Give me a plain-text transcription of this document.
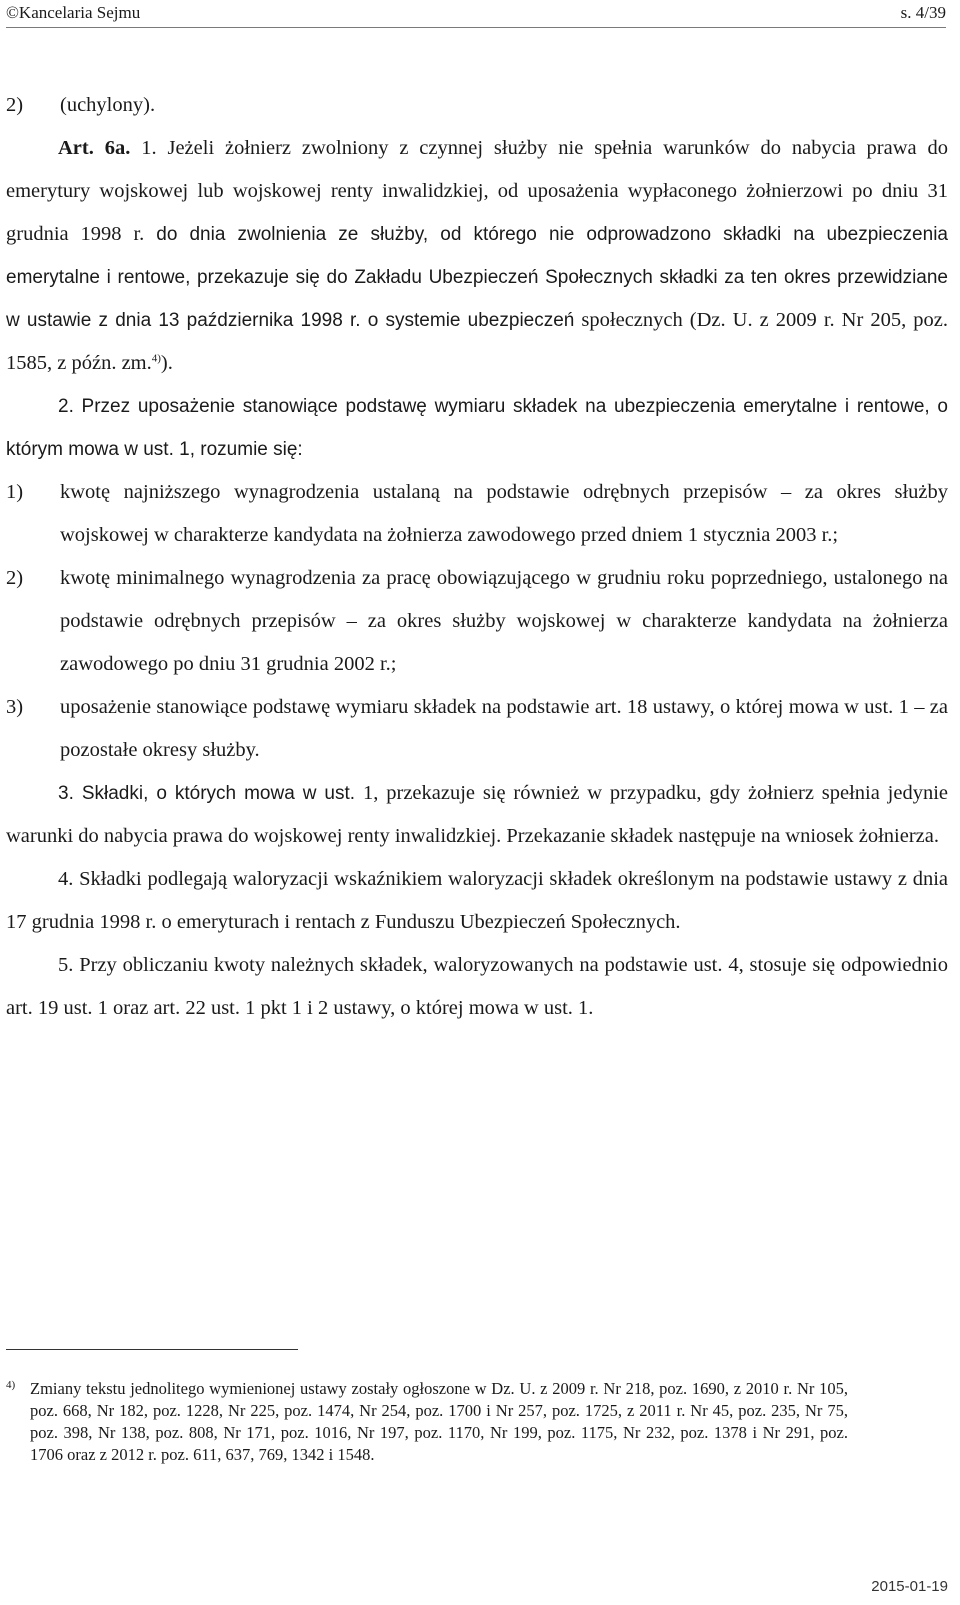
©Kancelaria Sejmu	s. 4/39

2) (uchylony).

Art. 6a. 1. Jeżeli żołnierz zwolniony z czynnej służby nie spełnia warunków do nabycia prawa do emerytury wojskowej lub wojskowej renty inwalidzkiej, od uposażenia wypłaconego żołnierzowi po dniu 31 grudnia 1998 r. do dnia zwolnienia ze służby, od którego nie odprowadzono składki na ubezpieczenia emerytalne i rentowe, przekazuje się do Zakładu Ubezpieczeń Społecznych składki za ten okres przewidziane w ustawie z dnia 13 października 1998 r. o systemie ubezpieczeń społecznych (Dz. U. z 2009 r. Nr 205, poz. 1585, z późn. zm.$^{4)}$).

2. Przez uposażenie stanowiące podstawę wymiaru składek na ubezpieczenia emerytalne i rentowe, o którym mowa w ust. 1, rozumie się:

1) kwotę najniższego wynagrodzenia ustalaną na podstawie odrębnych przepisów – za okres służby wojskowej w charakterze kandydata na żołnierza zawodowego przed dniem 1 stycznia 2003 r.;

2) kwotę minimalnego wynagrodzenia za pracę obowiązującego w grudniu roku poprzedniego, ustalonego na podstawie odrębnych przepisów – za okres służby wojskowej w charakterze kandydata na żołnierza zawodowego po dniu 31 grudnia 2002 r.;

3) uposażenie stanowiące podstawę wymiaru składek na podstawie art. 18 ustawy, o której mowa w ust. 1 – za pozostałe okresy służby.

3. Składki, o których mowa w ust. 1, przekazuje się również w przypadku, gdy żołnierz spełnia jedynie warunki do nabycia prawa do wojskowej renty inwalidzkiej. Przekazanie składek następuje na wniosek żołnierza.

4. Składki podlegają waloryzacji wskaźnikiem waloryzacji składek określonym na podstawie ustawy z dnia 17 grudnia 1998 r. o emeryturach i rentach z Funduszu Ubezpieczeń Społecznych.

5. Przy obliczaniu kwoty należnych składek, waloryzowanych na podstawie ust. 4, stosuje się odpowiednio art. 19 ust. 1 oraz art. 22 ust. 1 pkt 1 i 2 ustawy, o której mowa w ust. 1.

4) Zmiany tekstu jednolitego wymienionej ustawy zostały ogłoszone w Dz. U. z 2009 r. Nr 218, poz. 1690, z 2010 r. Nr 105, poz. 668, Nr 182, poz. 1228, Nr 225, poz. 1474, Nr 254, poz. 1700 i Nr 257, poz. 1725, z 2011 r. Nr 45, poz. 235, Nr 75, poz. 398, Nr 138, poz. 808, Nr 171, poz. 1016, Nr 197, poz. 1170, Nr 199, poz. 1175, Nr 232, poz. 1378 i Nr 291, poz. 1706 oraz z 2012 r. poz. 611, 637, 769, 1342 i 1548.
2015-01-19
